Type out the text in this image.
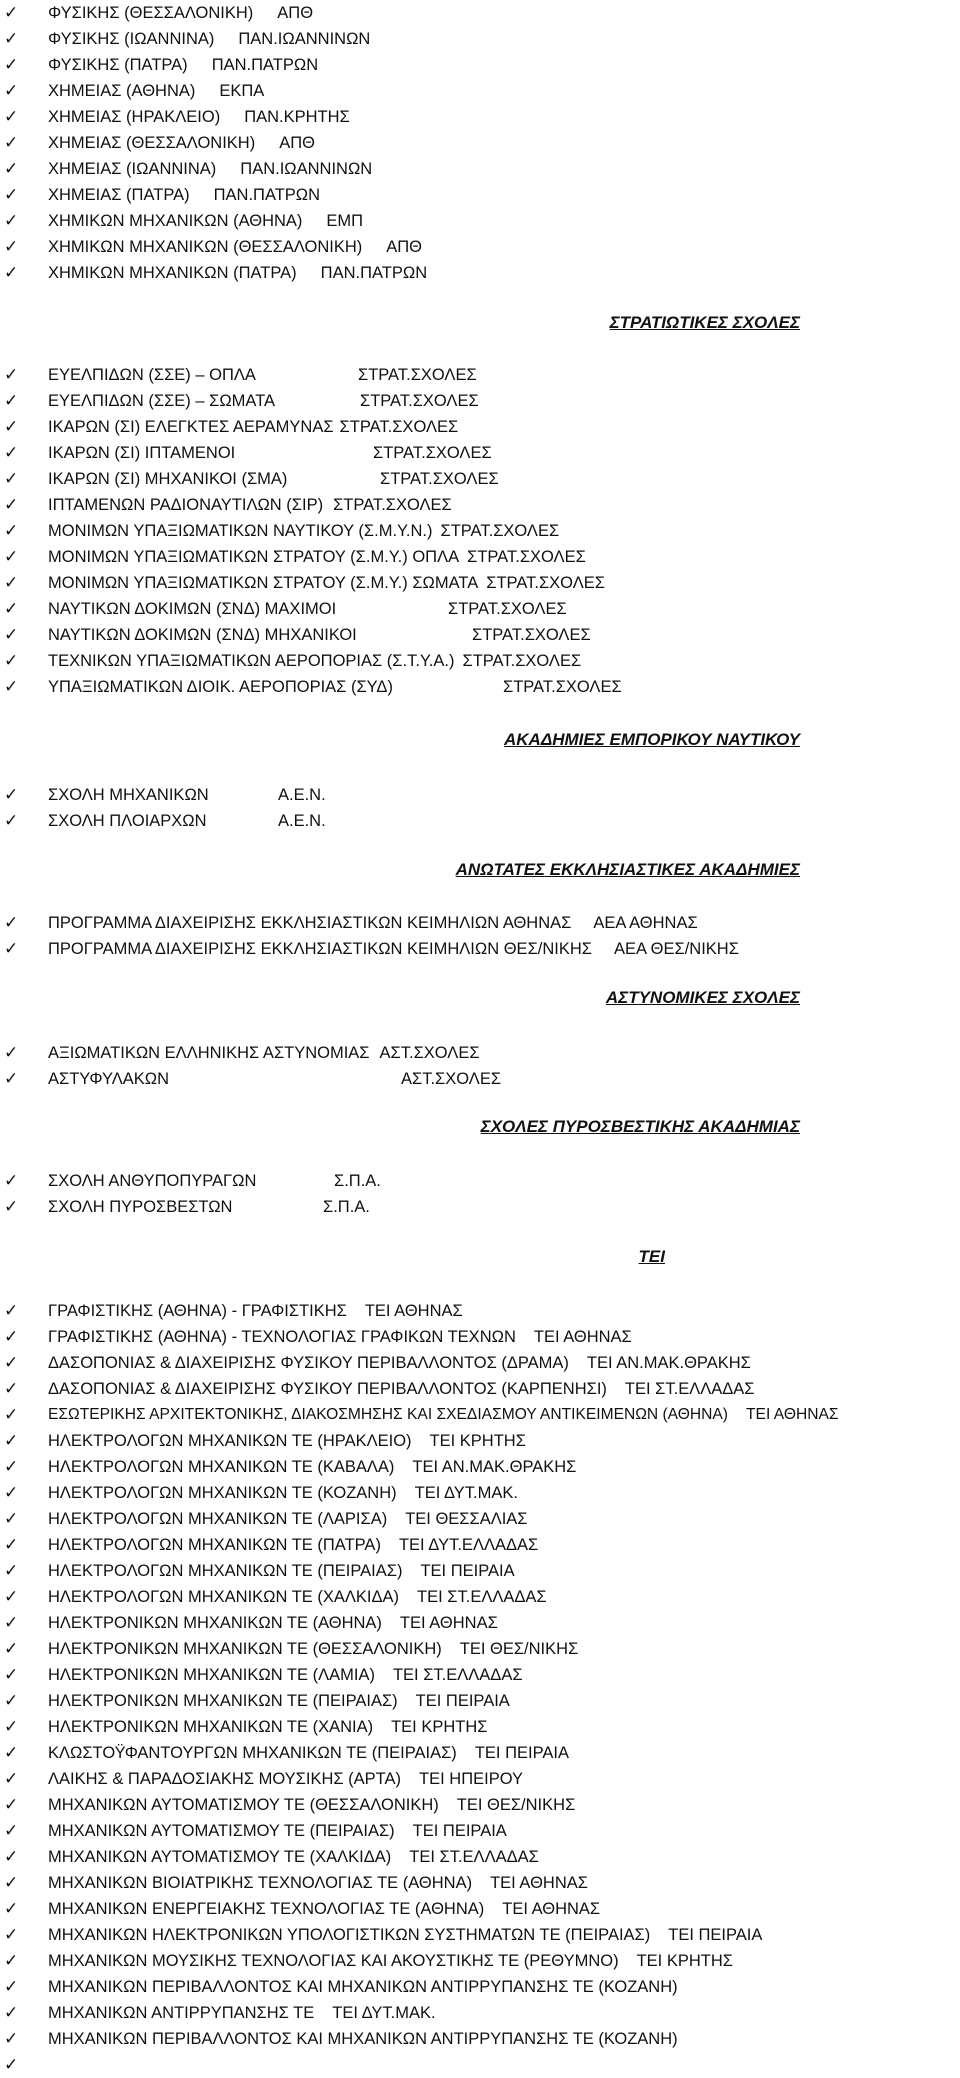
✓	ΦΥΣΙΚΗΣ (ΘΕΣΣΑΛΟΝΙΚΗ) ΑΠΘ
✓	ΦΥΣΙΚΗΣ (ΙΩΑΝΝΙΝΑ) ΠΑΝ.ΙΩΑΝΝΙΝΩΝ
✓	ΦΥΣΙΚΗΣ (ΠΑΤΡΑ) ΠΑΝ.ΠΑΤΡΩΝ
✓	ΧΗΜΕΙΑΣ (ΑΘΗΝΑ) ΕΚΠΑ
✓	ΧΗΜΕΙΑΣ (ΗΡΑΚΛΕΙΟ) ΠΑΝ.ΚΡΗΤΗΣ
✓	ΧΗΜΕΙΑΣ (ΘΕΣΣΑΛΟΝΙΚΗ) ΑΠΘ
✓	ΧΗΜΕΙΑΣ (ΙΩΑΝΝΙΝΑ) ΠΑΝ.ΙΩΑΝΝΙΝΩΝ
✓	ΧΗΜΕΙΑΣ (ΠΑΤΡΑ) ΠΑΝ.ΠΑΤΡΩΝ
✓	ΧΗΜΙΚΩΝ ΜΗΧΑΝΙΚΩΝ (ΑΘΗΝΑ) ΕΜΠ
✓	ΧΗΜΙΚΩΝ ΜΗΧΑΝΙΚΩΝ (ΘΕΣΣΑΛΟΝΙΚΗ) ΑΠΘ
✓	ΧΗΜΙΚΩΝ ΜΗΧΑΝΙΚΩΝ (ΠΑΤΡΑ) ΠΑΝ.ΠΑΤΡΩΝ
ΣΤΡΑΤΙΩΤΙΚΕΣ ΣΧΟΛΕΣ
✓	ΕΥΕΛΠΙΔΩΝ (ΣΣΕ) – ΟΠΛΑ	ΣΤΡΑΤ.ΣΧΟΛΕΣ
✓	ΕΥΕΛΠΙΔΩΝ (ΣΣΕ) – ΣΩΜΑΤΑ	ΣΤΡΑΤ.ΣΧΟΛΕΣ
✓	ΙΚΑΡΩΝ (ΣΙ) ΕΛΕΓΚΤΕΣ ΑΕΡΑΜΥΝΑΣ ΣΤΡΑΤ.ΣΧΟΛΕΣ
✓	ΙΚΑΡΩΝ (ΣΙ) ΙΠΤΑΜΕΝΟΙ	ΣΤΡΑΤ.ΣΧΟΛΕΣ
✓	ΙΚΑΡΩΝ (ΣΙ) ΜΗΧΑΝΙΚΟΙ (ΣΜΑ)	ΣΤΡΑΤ.ΣΧΟΛΕΣ
✓	ΙΠΤΑΜΕΝΩΝ ΡΑΔΙΟΝΑΥΤΙΛΩΝ (ΣΙΡ) ΣΤΡΑΤ.ΣΧΟΛΕΣ
✓	ΜΟΝΙΜΩΝ ΥΠΑΞΙΩΜΑΤΙΚΩΝ ΝΑΥΤΙΚΟΥ (Σ.Μ.Υ.Ν.) ΣΤΡΑΤ.ΣΧΟΛΕΣ
✓	ΜΟΝΙΜΩΝ ΥΠΑΞΙΩΜΑΤΙΚΩΝ ΣΤΡΑΤΟΥ (Σ.Μ.Υ.) ΟΠΛΑ ΣΤΡΑΤ.ΣΧΟΛΕΣ
✓	ΜΟΝΙΜΩΝ ΥΠΑΞΙΩΜΑΤΙΚΩΝ ΣΤΡΑΤΟΥ (Σ.Μ.Υ.) ΣΩΜΑΤΑ ΣΤΡΑΤ.ΣΧΟΛΕΣ
✓	ΝΑΥΤΙΚΩΝ ΔΟΚΙΜΩΝ (ΣΝΔ) ΜΑΧΙΜΟΙ	ΣΤΡΑΤ.ΣΧΟΛΕΣ
✓	ΝΑΥΤΙΚΩΝ ΔΟΚΙΜΩΝ (ΣΝΔ) ΜΗΧΑΝΙΚΟΙ	ΣΤΡΑΤ.ΣΧΟΛΕΣ
✓	ΤΕΧΝΙΚΩΝ ΥΠΑΞΙΩΜΑΤΙΚΩΝ ΑΕΡΟΠΟΡΙΑΣ (Σ.Τ.Υ.Α.) ΣΤΡΑΤ.ΣΧΟΛΕΣ
✓	ΥΠΑΞΙΩΜΑΤΙΚΩΝ ΔΙΟΙΚ. ΑΕΡΟΠΟΡΙΑΣ (ΣΥΔ)	ΣΤΡΑΤ.ΣΧΟΛΕΣ
ΑΚΑΔΗΜΙΕΣ ΕΜΠΟΡΙΚΟΥ ΝΑΥΤΙΚΟΥ
✓	ΣΧΟΛΗ ΜΗΧΑΝΙΚΩΝ	Α.Ε.Ν.
✓	ΣΧΟΛΗ ΠΛΟΙΑΡΧΩΝ	Α.Ε.Ν.
ΑΝΩΤΑΤΕΣ ΕΚΚΛΗΣΙΑΣΤΙΚΕΣ ΑΚΑΔΗΜΙΕΣ
✓	ΠΡΟΓΡΑΜΜΑ ΔΙΑΧΕΙΡΙΣΗΣ ΕΚΚΛΗΣΙΑΣΤΙΚΩΝ ΚΕΙΜΗΛΙΩΝ ΑΘΗΝΑΣ ΑΕΑ ΑΘΗΝΑΣ
✓	ΠΡΟΓΡΑΜΜΑ ΔΙΑΧΕΙΡΙΣΗΣ ΕΚΚΛΗΣΙΑΣΤΙΚΩΝ ΚΕΙΜΗΛΙΩΝ ΘΕΣ/ΝΙΚΗΣ ΑΕΑ ΘΕΣ/ΝΙΚΗΣ
ΑΣΤΥΝΟΜΙΚΕΣ ΣΧΟΛΕΣ
✓	ΑΞΙΩΜΑΤΙΚΩΝ ΕΛΛΗΝΙΚΗΣ ΑΣΤΥΝΟΜΙΑΣ ΑΣΤ.ΣΧΟΛΕΣ
✓	ΑΣΤΥΦΥΛΑΚΩΝ	ΑΣΤ.ΣΧΟΛΕΣ
ΣΧΟΛΕΣ ΠΥΡΟΣΒΕΣΤΙΚΗΣ ΑΚΑΔΗΜΙΑΣ
✓	ΣΧΟΛΗ ΑΝΘΥΠΟΠΥΡΑΓΩΝ	Σ.Π.Α.
✓	ΣΧΟΛΗ ΠΥΡΟΣΒΕΣΤΩΝ	Σ.Π.Α.
ΤΕΙ
✓	ΓΡΑΦΙΣΤΙΚΗΣ (ΑΘΗΝΑ) - ΓΡΑΦΙΣΤΙΚΗΣ ΤΕΙ ΑΘΗΝΑΣ
✓	ΓΡΑΦΙΣΤΙΚΗΣ (ΑΘΗΝΑ) - ΤΕΧΝΟΛΟΓΙΑΣ ΓΡΑΦΙΚΩΝ ΤΕΧΝΩΝ ΤΕΙ ΑΘΗΝΑΣ
✓	ΔΑΣΟΠΟΝΙΑΣ & ΔΙΑΧΕΙΡΙΣΗΣ ΦΥΣΙΚΟΥ ΠΕΡΙΒΑΛΛΟΝΤΟΣ (ΔΡΑΜΑ) ΤΕΙ ΑΝ.ΜΑΚ.ΘΡΑΚΗΣ
✓	ΔΑΣΟΠΟΝΙΑΣ & ΔΙΑΧΕΙΡΙΣΗΣ ΦΥΣΙΚΟΥ ΠΕΡΙΒΑΛΛΟΝΤΟΣ (ΚΑΡΠΕΝΗΣΙ) ΤΕΙ ΣΤ.ΕΛΛΑΔΑΣ
✓	ΕΣΩΤΕΡΙΚΗΣ ΑΡΧΙΤΕΚΤΟΝΙΚΗΣ, ΔΙΑΚΟΣΜΗΣΗΣ ΚΑΙ ΣΧΕΔΙΑΣΜΟΥ ΑΝΤΙΚΕΙΜΕΝΩΝ (ΑΘΗΝΑ) ΤΕΙ ΑΘΗΝΑΣ
✓	ΗΛΕΚΤΡΟΛΟΓΩΝ ΜΗΧΑΝΙΚΩΝ ΤΕ (ΗΡΑΚΛΕΙΟ) ΤΕΙ ΚΡΗΤΗΣ
✓	ΗΛΕΚΤΡΟΛΟΓΩΝ ΜΗΧΑΝΙΚΩΝ ΤΕ (ΚΑΒΑΛΑ) ΤΕΙ ΑΝ.ΜΑΚ.ΘΡΑΚΗΣ
✓	ΗΛΕΚΤΡΟΛΟΓΩΝ ΜΗΧΑΝΙΚΩΝ ΤΕ (ΚΟΖΑΝΗ) ΤΕΙ ΔΥΤ.ΜΑΚ.
✓	ΗΛΕΚΤΡΟΛΟΓΩΝ ΜΗΧΑΝΙΚΩΝ ΤΕ (ΛΑΡΙΣΑ) ΤΕΙ ΘΕΣΣΑΛΙΑΣ
✓	ΗΛΕΚΤΡΟΛΟΓΩΝ ΜΗΧΑΝΙΚΩΝ ΤΕ (ΠΑΤΡΑ) ΤΕΙ ΔΥΤ.ΕΛΛΑΔΑΣ
✓	ΗΛΕΚΤΡΟΛΟΓΩΝ ΜΗΧΑΝΙΚΩΝ ΤΕ (ΠΕΙΡΑΙΑΣ) ΤΕΙ ΠΕΙΡΑΙΑ
✓	ΗΛΕΚΤΡΟΛΟΓΩΝ ΜΗΧΑΝΙΚΩΝ ΤΕ (ΧΑΛΚΙΔΑ) ΤΕΙ ΣΤ.ΕΛΛΑΔΑΣ
✓	ΗΛΕΚΤΡΟΝΙΚΩΝ ΜΗΧΑΝΙΚΩΝ ΤΕ (ΑΘΗΝΑ) ΤΕΙ ΑΘΗΝΑΣ
✓	ΗΛΕΚΤΡΟΝΙΚΩΝ ΜΗΧΑΝΙΚΩΝ ΤΕ (ΘΕΣΣΑΛΟΝΙΚΗ) ΤΕΙ ΘΕΣ/ΝΙΚΗΣ
✓	ΗΛΕΚΤΡΟΝΙΚΩΝ ΜΗΧΑΝΙΚΩΝ ΤΕ (ΛΑΜΙΑ) ΤΕΙ ΣΤ.ΕΛΛΑΔΑΣ
✓	ΗΛΕΚΤΡΟΝΙΚΩΝ ΜΗΧΑΝΙΚΩΝ ΤΕ (ΠΕΙΡΑΙΑΣ) ΤΕΙ ΠΕΙΡΑΙΑ
✓	ΗΛΕΚΤΡΟΝΙΚΩΝ ΜΗΧΑΝΙΚΩΝ ΤΕ (ΧΑΝΙΑ) ΤΕΙ ΚΡΗΤΗΣ
✓	ΚΛΩΣΤΟΫΦΑΝΤΟΥΡΓΩΝ ΜΗΧΑΝΙΚΩΝ ΤΕ (ΠΕΙΡΑΙΑΣ) ΤΕΙ ΠΕΙΡΑΙΑ
✓	ΛΑΙΚΗΣ & ΠΑΡΑΔΟΣΙΑΚΗΣ ΜΟΥΣΙΚΗΣ (ΑΡΤΑ) ΤΕΙ ΗΠΕΙΡΟΥ
✓	ΜΗΧΑΝΙΚΩΝ ΑΥΤΟΜΑΤΙΣΜΟΥ ΤΕ (ΘΕΣΣΑΛΟΝΙΚΗ) ΤΕΙ ΘΕΣ/ΝΙΚΗΣ
✓	ΜΗΧΑΝΙΚΩΝ ΑΥΤΟΜΑΤΙΣΜΟΥ ΤΕ (ΠΕΙΡΑΙΑΣ) ΤΕΙ ΠΕΙΡΑΙΑ
✓	ΜΗΧΑΝΙΚΩΝ ΑΥΤΟΜΑΤΙΣΜΟΥ ΤΕ (ΧΑΛΚΙΔΑ) ΤΕΙ ΣΤ.ΕΛΛΑΔΑΣ
✓	ΜΗΧΑΝΙΚΩΝ ΒΙΟΙΑΤΡΙΚΗΣ ΤΕΧΝΟΛΟΓΙΑΣ ΤΕ (ΑΘΗΝΑ) ΤΕΙ ΑΘΗΝΑΣ
✓	ΜΗΧΑΝΙΚΩΝ ΕΝΕΡΓΕΙΑΚΗΣ ΤΕΧΝΟΛΟΓΙΑΣ ΤΕ (ΑΘΗΝΑ) ΤΕΙ ΑΘΗΝΑΣ
✓	ΜΗΧΑΝΙΚΩΝ ΗΛΕΚΤΡΟΝΙΚΩΝ ΥΠΟΛΟΓΙΣΤΙΚΩΝ ΣΥΣΤΗΜΑΤΩΝ ΤΕ (ΠΕΙΡΑΙΑΣ) ΤΕΙ ΠΕΙΡΑΙΑ
✓	ΜΗΧΑΝΙΚΩΝ ΜΟΥΣΙΚΗΣ ΤΕΧΝΟΛΟΓΙΑΣ ΚΑΙ ΑΚΟΥΣΤΙΚΗΣ ΤΕ (ΡΕΘΥΜΝΟ) ΤΕΙ ΚΡΗΤΗΣ
✓	ΜΗΧΑΝΙΚΩΝ ΠΕΡΙΒΑΛΛΟΝΤΟΣ ΚΑΙ ΜΗΧΑΝΙΚΩΝ ΑΝΤΙΡΡΥΠΑΝΣΗΣ ΤΕ (ΚΟΖΑΝΗ)
✓	ΜΗΧΑΝΙΚΩΝ ΑΝΤΙΡΡΥΠΑΝΣΗΣ ΤΕ ΤΕΙ ΔΥΤ.ΜΑΚ.
✓	ΜΗΧΑΝΙΚΩΝ ΠΕΡΙΒΑΛΛΟΝΤΟΣ ΚΑΙ ΜΗΧΑΝΙΚΩΝ ΑΝΤΙΡΡΥΠΑΝΣΗΣ ΤΕ (ΚΟΖΑΝΗ)
✓
